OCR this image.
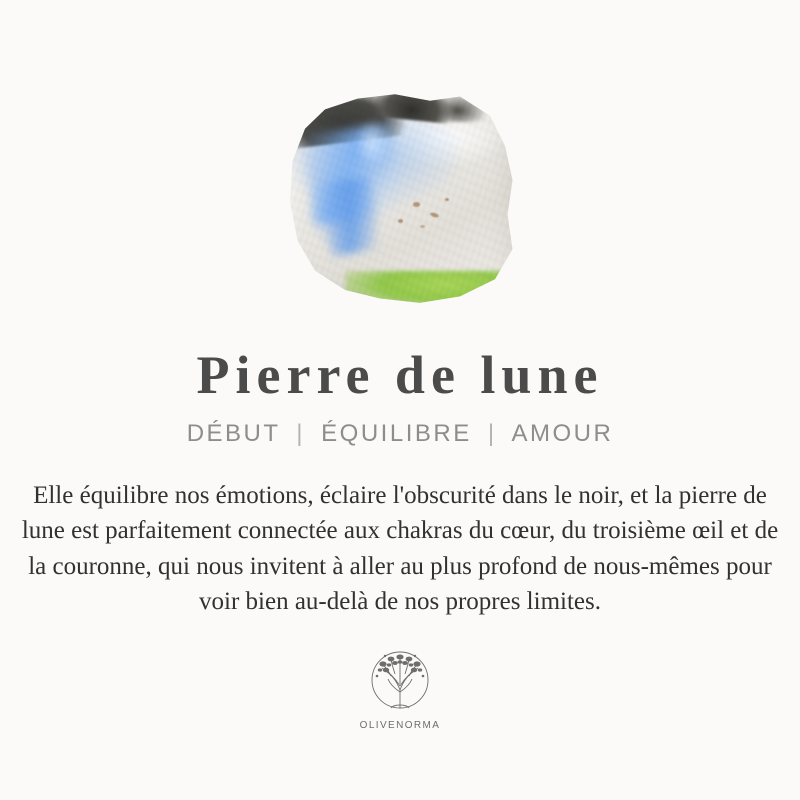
Pierre de lune
DÉBUT | ÉQUILIBRE | AMOUR
Elle équilibre nos émotions, éclaire l'obscurité dans le noir, et la pierre de lune est parfaitement connectée aux chakras du cœur, du troisième œil et de la couronne, qui nous invitent à aller au plus profond de nous-mêmes pour voir bien au-delà de nos propres limites.
OLIVENORMA
